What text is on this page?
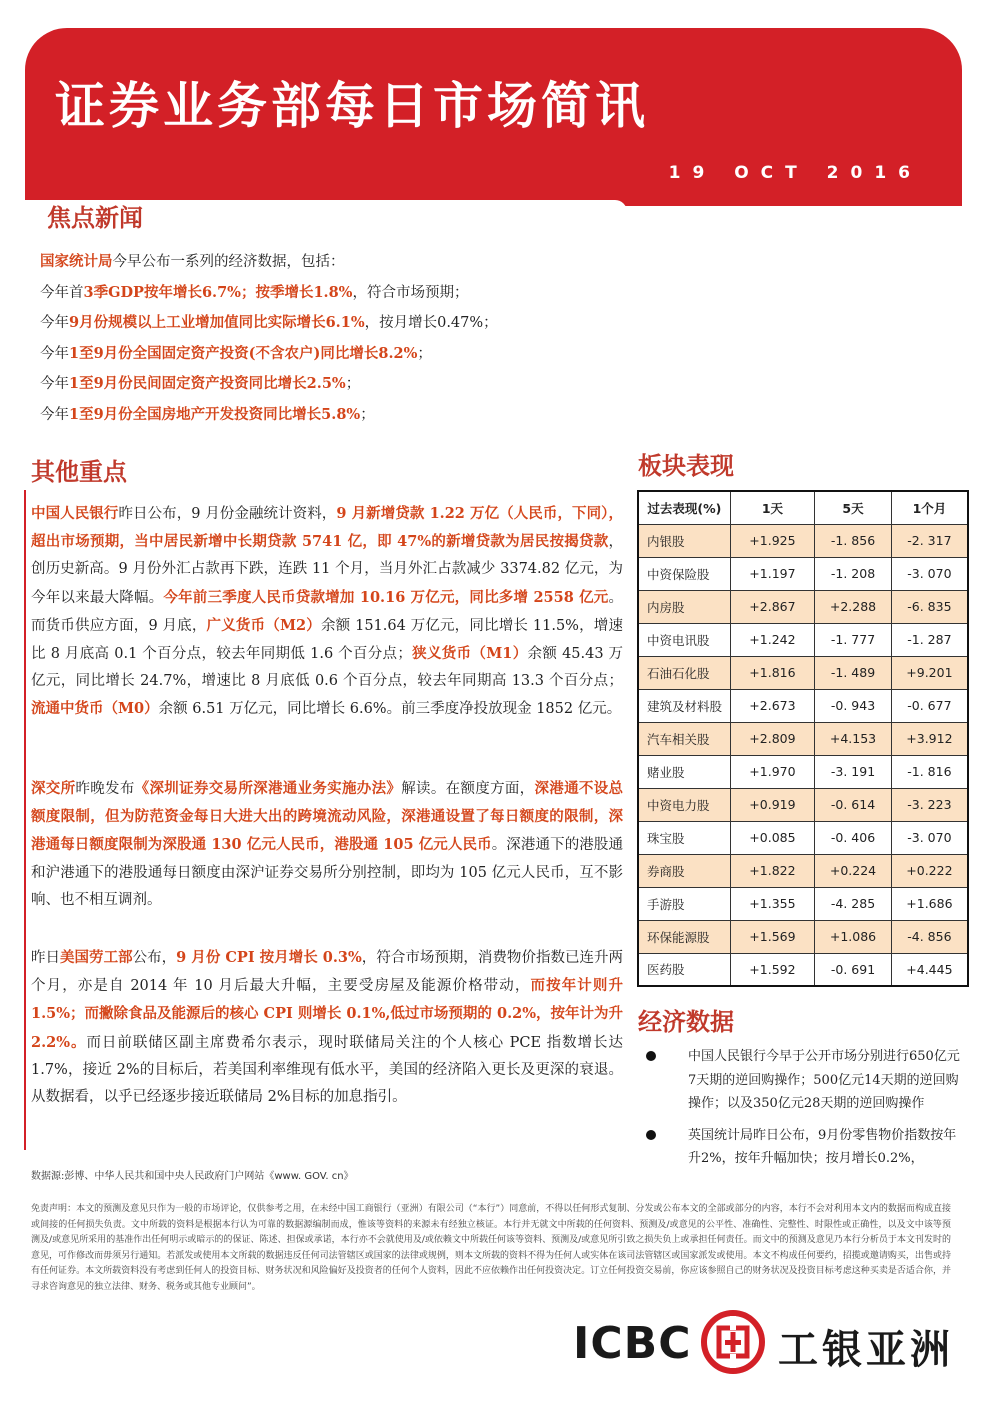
证券业务部每日市场简讯
19 OCT 2016
焦点新闻
国家统计局今早公布一系列的经济数据，包括：
今年首3季GDP按年增长6.7%；按季增长1.8%，符合市场预期；
今年9月份规模以上工业增加值同比实际增长6.1%，按月增长0.47%；
今年1至9月份全国固定资产投资(不含农户)同比增长8.2%；
今年1至9月份民间固定资产投资同比增长2.5%；
今年1至9月份全国房地产开发投资同比增长5.8%；
其他重点
中国人民银行昨日公布，9 月份金融统计资料，9 月新增贷款 1.22 万亿（人民币，下同），超出市场预期，当中居民新增中长期贷款 5741 亿，即 47%的新增贷款为居民按揭贷款，创历史新高。9 月份外汇占款再下跌，连跌 11 个月，当月外汇占款减少 3374.82 亿元，为今年以来最大降幅。今年前三季度人民币贷款增加 10.16 万亿元，同比多增 2558 亿元。而货币供应方面，9 月底，广义货币（M2）余额 151.64 万亿元，同比增长 11.5%，增速比 8 月底高 0.1 个百分点，较去年同期低 1.6 个百分点；狭义货币（M1）余额 45.43 万亿元，同比增长 24.7%，增速比 8 月底低 0.6 个百分点，较去年同期高 13.3 个百分点；流通中货币（M0）余额 6.51 万亿元，同比增长 6.6%。前三季度净投放现金 1852 亿元。
深交所昨晚发布《深圳证券交易所深港通业务实施办法》解读。在额度方面，深港通不设总额度限制，但为防范资金每日大进大出的跨境流动风险，深港通设置了每日额度的限制，深港通每日额度限制为深股通 130 亿元人民币，港股通 105 亿元人民币。深港通下的港股通和沪港通下的港股通每日额度由深沪证券交易所分别控制，即均为 105 亿元人民币，互不影响、也不相互调剂。
昨日美国劳工部公布，9 月份 CPI 按月增长 0.3%，符合市场预期，消费物价指数已连升两个月，亦是自 2014 年 10 月后最大升幅，主要受房屋及能源价格带动，而按年计则升 1.5%；而撇除食品及能源后的核心 CPI 则增长 0.1%,低过市场预期的 0.2%，按年计为升 2.2%。而日前联储区副主席费希尔表示，现时联储局关注的个人核心 PCE 指数增长达 1.7%，接近 2%的目标后，若美国利率维现有低水平，美国的经济陷入更长及更深的衰退。从数据看，以乎已经逐步接近联储局 2%目标的加息指引。
板块表现
过去表现(%)	1天	5天	1个月
内银股	+1.925	-1. 856	-2. 317
中资保险股	+1.197	-1. 208	-3. 070
内房股	+2.867	+2.288	-6. 835
中资电讯股	+1.242	-1. 777	-1. 287
石油石化股	+1.816	-1. 489	+9.201
建筑及材料股	+2.673	-0. 943	-0. 677
汽车相关股	+2.809	+4.153	+3.912
赌业股	+1.970	-3. 191	-1. 816
中资电力股	+0.919	-0. 614	-3. 223
珠宝股	+0.085	-0. 406	-3. 070
券商股	+1.822	+0.224	+0.222
手游股	+1.355	-4. 285	+1.686
环保能源股	+1.569	+1.086	-4. 856
医药股	+1.592	-0. 691	+4.445
经济数据
中国人民银行今早于公开市场分别进行650亿元7天期的逆回购操作；500亿元14天期的逆回购操作；以及350亿元28天期的逆回购操作
英国统计局昨日公布，9月份零售物价指数按年升2%，按年升幅加快；按月增长0.2%，
数据源:彭博、中华人民共和国中央人民政府门户网站《www. GOV. cn》
免责声明：本文的预测及意见只作为一般的市场评论，仅供参考之用，在未经中国工商银行（亚洲）有限公司（“本行”）同意前，不得以任何形式复制、分发或公布本文的全部或部分的内容，本行不会对利用本文内的数据而构成直接或间接的任何损失负责。文中所载的资料是根据本行认为可靠的数据源编制而成，惟该等资料的来源未有经独立核证。本行并无就文中所载的任何资料、预测及/或意见的公平性、准确性、完整性、时限性或正确性，以及文中该等预测及/或意见所采用的基准作出任何明示或暗示的的保证、陈述、担保或承诺，本行亦不会就使用及/或依赖文中所载任何该等资料、预测及/或意见所引致之损失负上或承担任何责任。而文中的预测及意见乃本行分析员于本文刊发时的意见，可作修改而毋须另行通知。若派发或使用本文所载的数据违反任何司法管辖区或国家的法律或规例，则本文所载的资料不得为任何人或实体在该司法管辖区或国家派发或使用。本文不构成任何要约，招揽或邀请购买，出售或持有任何证券。本文所载资料没有考虑到任何人的投资目标、财务状况和风险偏好及投资者的任何个人资料，因此不应依赖作出任何投资决定。订立任何投资交易前，你应该参照自己的财务状况及投资目标考虑这种买卖是否适合你，并寻求咨询意见的独立法律、财务、税务或其他专业顾问”。
ICBC 工银亚洲
